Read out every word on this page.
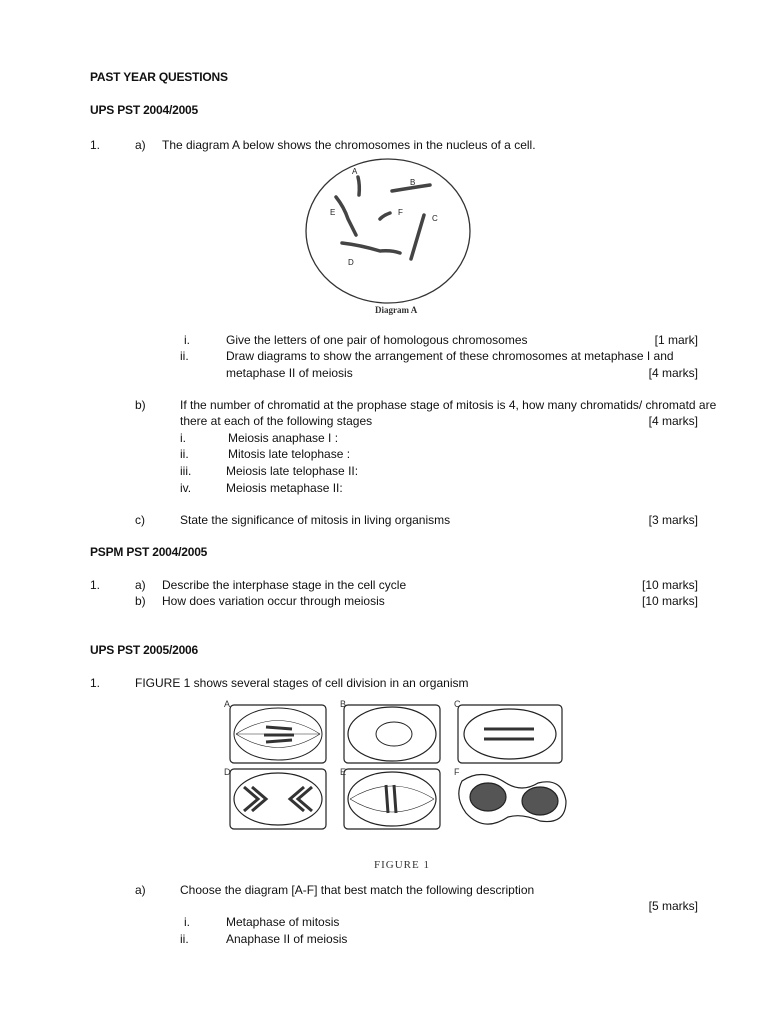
PAST YEAR QUESTIONS
UPS PST 2004/2005
1.	a) The diagram A below shows the chromosomes in the nucleus of a cell.
A
B
C
D
E	F
Diagram A
i.	Give the letters of one pair of homologous chromosomes	[1 mark]
ii.	Draw diagrams to show the arrangement of these chromosomes at metaphase I and
metaphase II of meiosis	[4 marks]
b)	If the number of chromatid at the prophase stage of mitosis is 4, how many chromatids/ chromatd are
there at each of the following stages	[4 marks]
i.	Meiosis anaphase I :
ii.	Mitosis late telophase :
iii.	Meiosis late telophase II:
iv.	Meiosis metaphase II:
c)	State the significance of mitosis in living organisms	[3 marks]
PSPM PST 2004/2005
1.	a) Describe the interphase stage in the cell cycle	[10 marks]
b) How does variation occur through meiosis	[10 marks]
UPS PST 2005/2006
1.	FIGURE 1 shows several stages of cell division in an organism
A	B	C
D	E	F
FIGURE 1
a)	Choose the diagram [A-F] that best match the following description
[5 marks]
i.	Metaphase of mitosis
ii.	Anaphase II of meiosis
